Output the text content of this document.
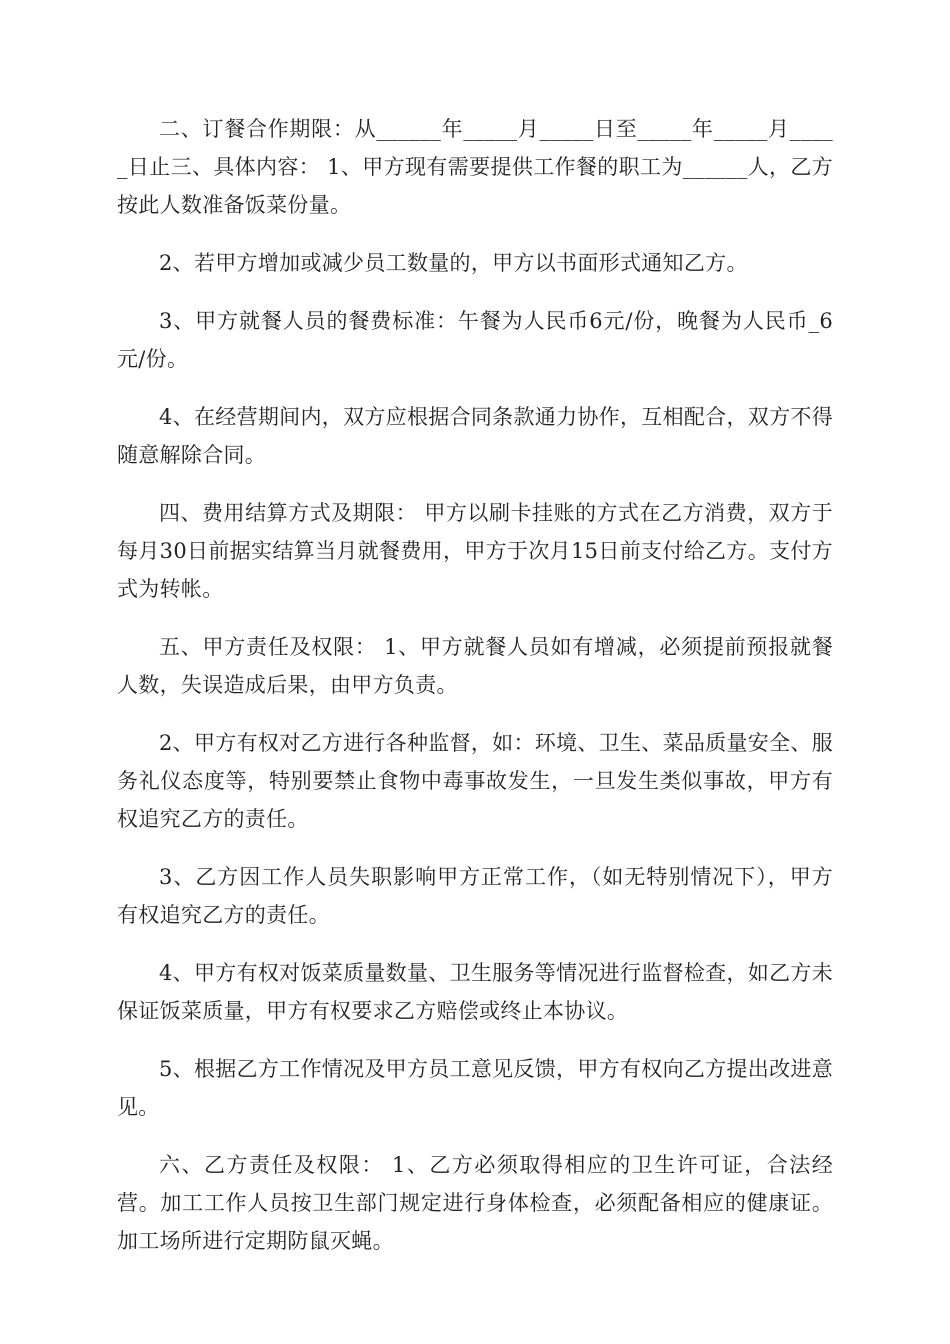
二、订餐合作期限：从______年_____月_____日至_____年_____月_____日止三、具体内容： 1、甲方现有需要提供工作餐的职工为______人，乙方按此人数准备饭菜份量。

2、若甲方增加或减少员工数量的，甲方以书面形式通知乙方。

3、甲方就餐人员的餐费标准：午餐为人民币6元/份，晚餐为人民币_6元/份。

4、在经营期间内，双方应根据合同条款通力协作，互相配合，双方不得随意解除合同。

四、费用结算方式及期限： 甲方以刷卡挂账的方式在乙方消费，双方于每月30日前据实结算当月就餐费用，甲方于次月15日前支付给乙方。支付方式为转帐。

五、甲方责任及权限： 1、甲方就餐人员如有增减，必须提前预报就餐人数，失误造成后果，由甲方负责。

2、甲方有权对乙方进行各种监督，如：环境、卫生、菜品质量安全、服务礼仪态度等，特别要禁止食物中毒事故发生，一旦发生类似事故，甲方有权追究乙方的责任。

3、乙方因工作人员失职影响甲方正常工作，（如无特别情况下），甲方有权追究乙方的责任。

4、甲方有权对饭菜质量数量、卫生服务等情况进行监督检查，如乙方未保证饭菜质量，甲方有权要求乙方赔偿或终止本协议。

5、根据乙方工作情况及甲方员工意见反馈，甲方有权向乙方提出改进意见。

六、乙方责任及权限： 1、乙方必须取得相应的卫生许可证，合法经营。加工工作人员按卫生部门规定进行身体检查，必须配备相应的健康证。加工场所进行定期防鼠灭蝇。
